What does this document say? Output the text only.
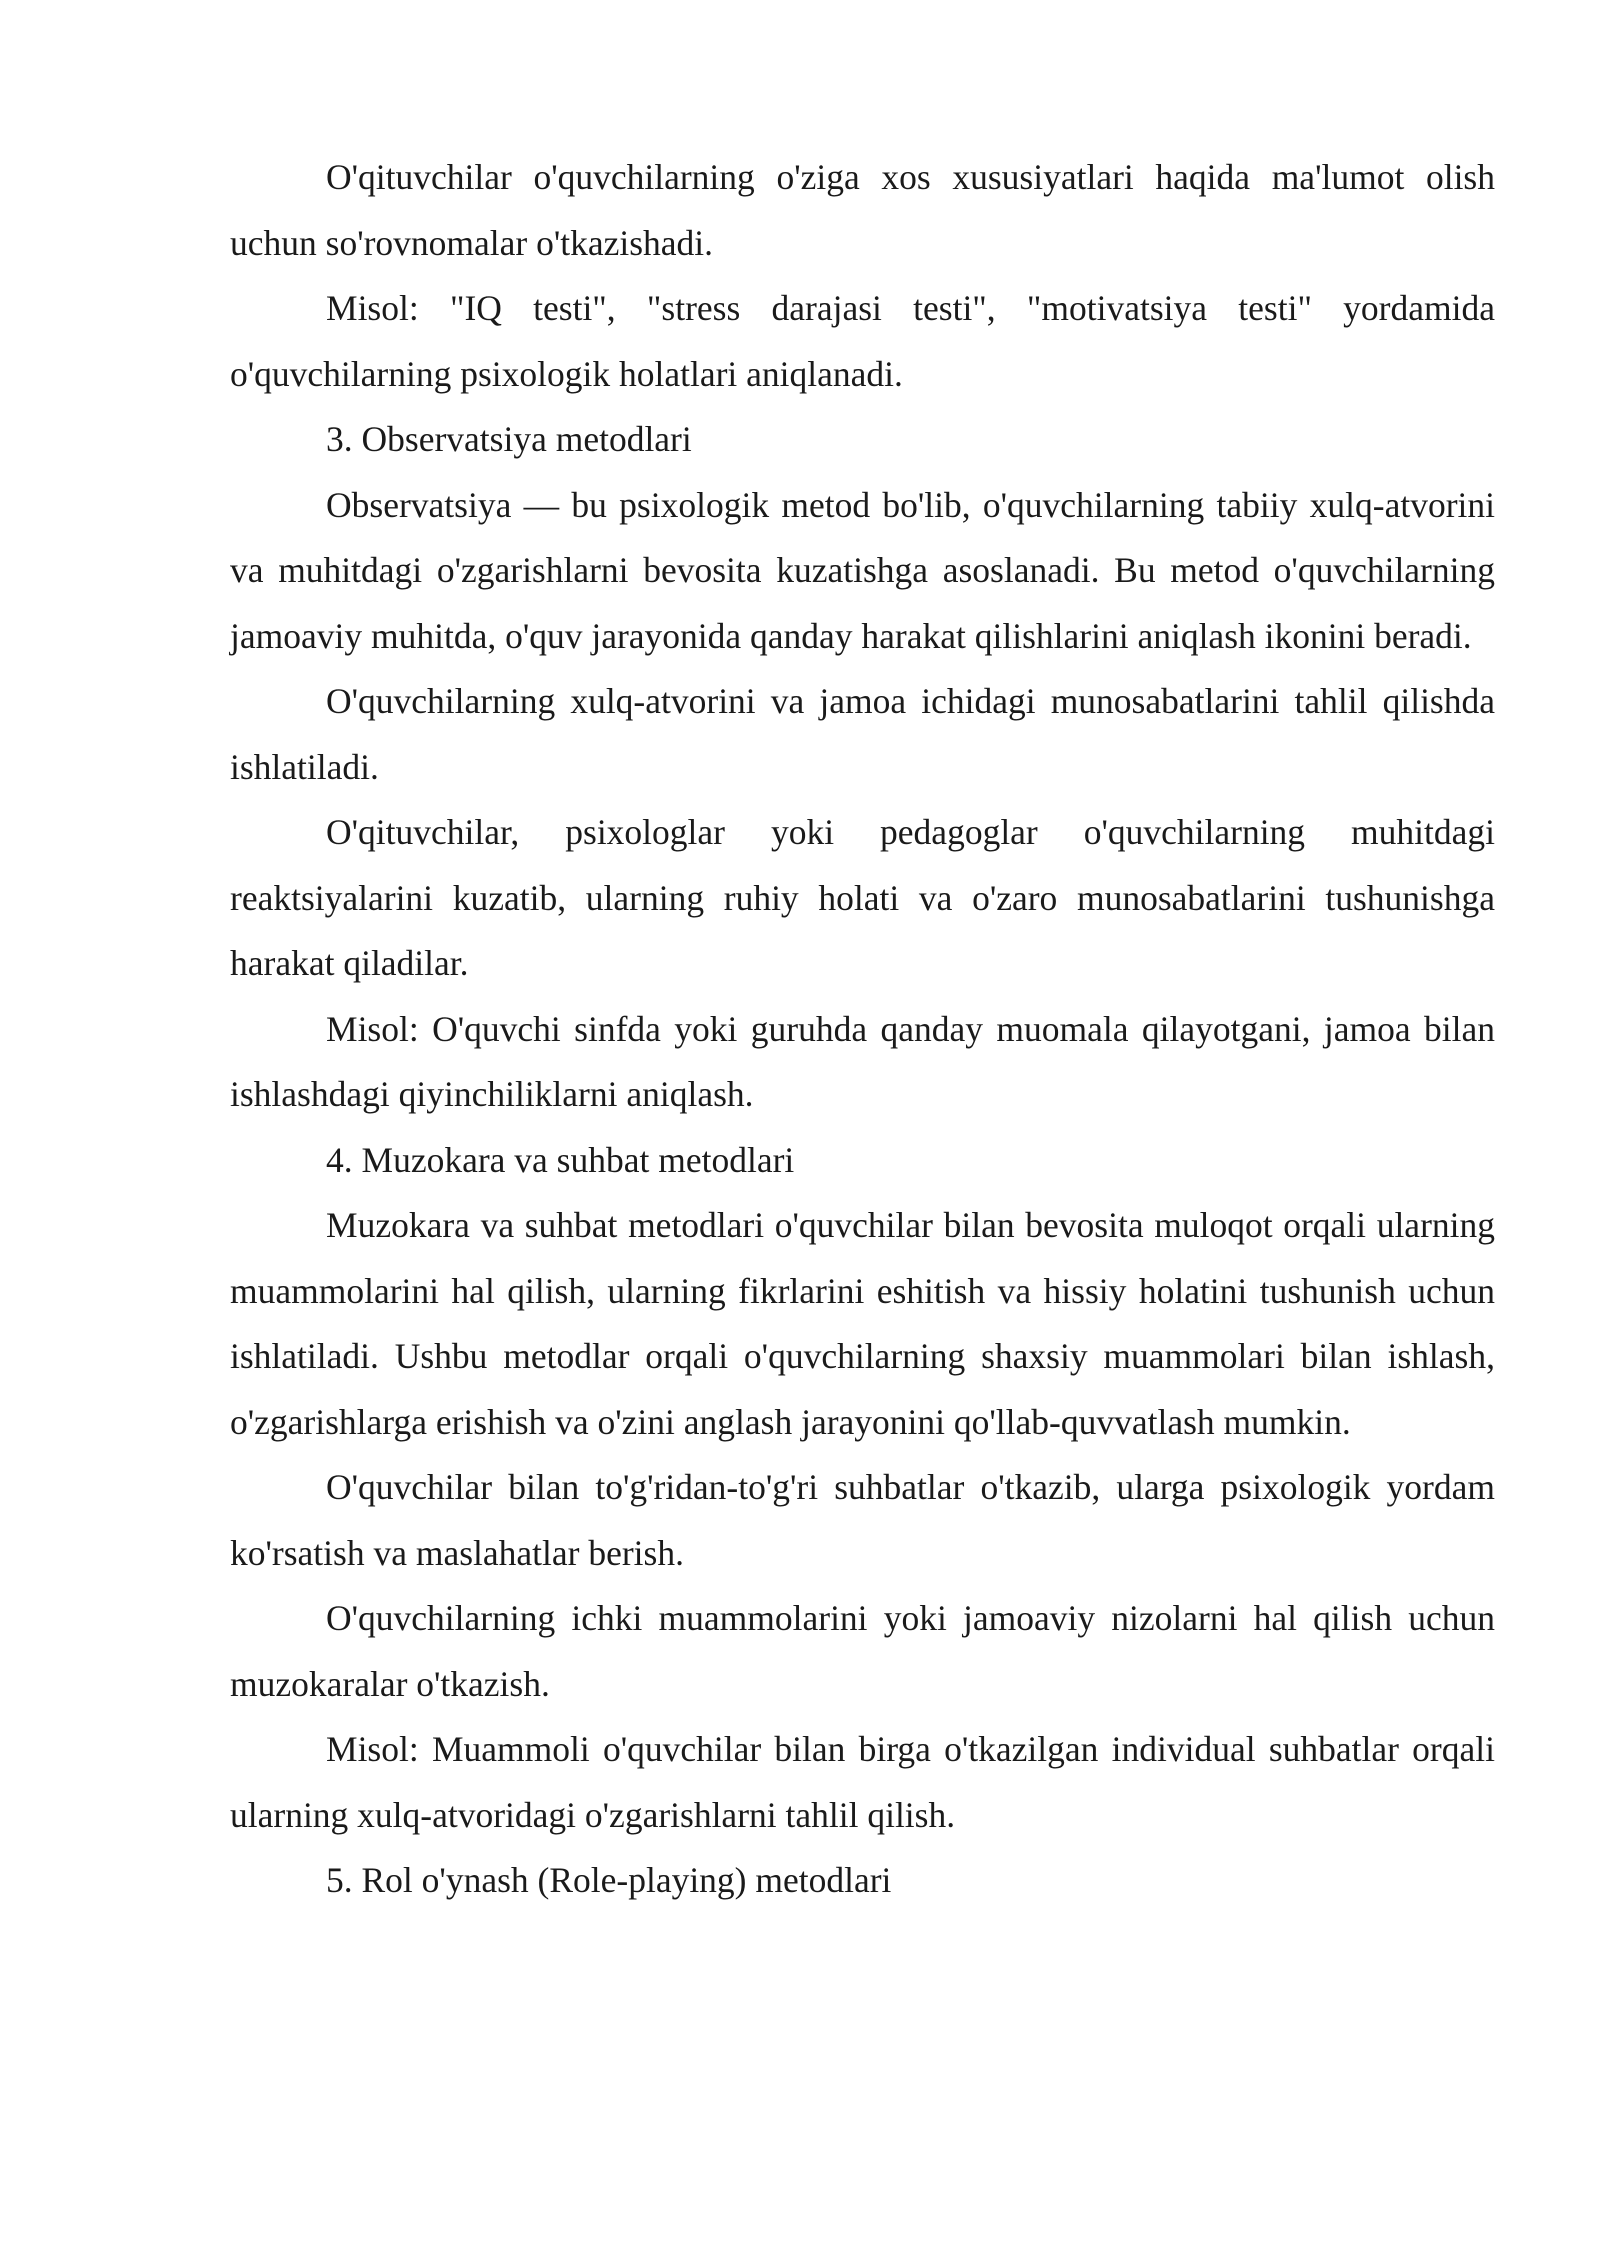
O'qituvchilar o'quvchilarning o'ziga xos xususiyatlari haqida ma'lumot olish uchun so'rovnomalar o'tkazishadi.

Misol: "IQ testi", "stress darajasi testi", "motivatsiya testi" yordamida o'quvchilarning psixologik holatlari aniqlanadi.

3. Observatsiya metodlari

Observatsiya — bu psixologik metod bo'lib, o'quvchilarning tabiiy xulq-atvorini va muhitdagi o'zgarishlarni bevosita kuzatishga asoslanadi. Bu metod o'quvchilarning jamoaviy muhitda, o'quv jarayonida qanday harakat qilishlarini aniqlash ikonini beradi.

O'quvchilarning xulq-atvorini va jamoa ichidagi munosabatlarini tahlil qilishda ishlatiladi.

O'qituvchilar, psixologlar yoki pedagoglar o'quvchilarning muhitdagi reaktsiyalarini kuzatib, ularning ruhiy holati va o'zaro munosabatlarini tushunishga harakat qiladilar.

Misol: O'quvchi sinfda yoki guruhda qanday muomala qilayotgani, jamoa bilan ishlashdagi qiyinchiliklarni aniqlash.

4. Muzokara va suhbat metodlari

Muzokara va suhbat metodlari o'quvchilar bilan bevosita muloqot orqali ularning muammolarini hal qilish, ularning fikrlarini eshitish va hissiy holatini tushunish uchun ishlatiladi. Ushbu metodlar orqali o'quvchilarning shaxsiy muammolari bilan ishlash, o'zgarishlarga erishish va o'zini anglash jarayonini qo'llab-quvvatlash mumkin.

O'quvchilar bilan to'g'ridan-to'g'ri suhbatlar o'tkazib, ularga psixologik yordam ko'rsatish va maslahatlar berish.

O'quvchilarning ichki muammolarini yoki jamoaviy nizolarni hal qilish uchun muzokaralar o'tkazish.

Misol: Muammoli o'quvchilar bilan birga o'tkazilgan individual suhbatlar orqali ularning xulq-atvoridagi o'zgarishlarni tahlil qilish.

5. Rol o'ynash (Role-playing) metodlari
